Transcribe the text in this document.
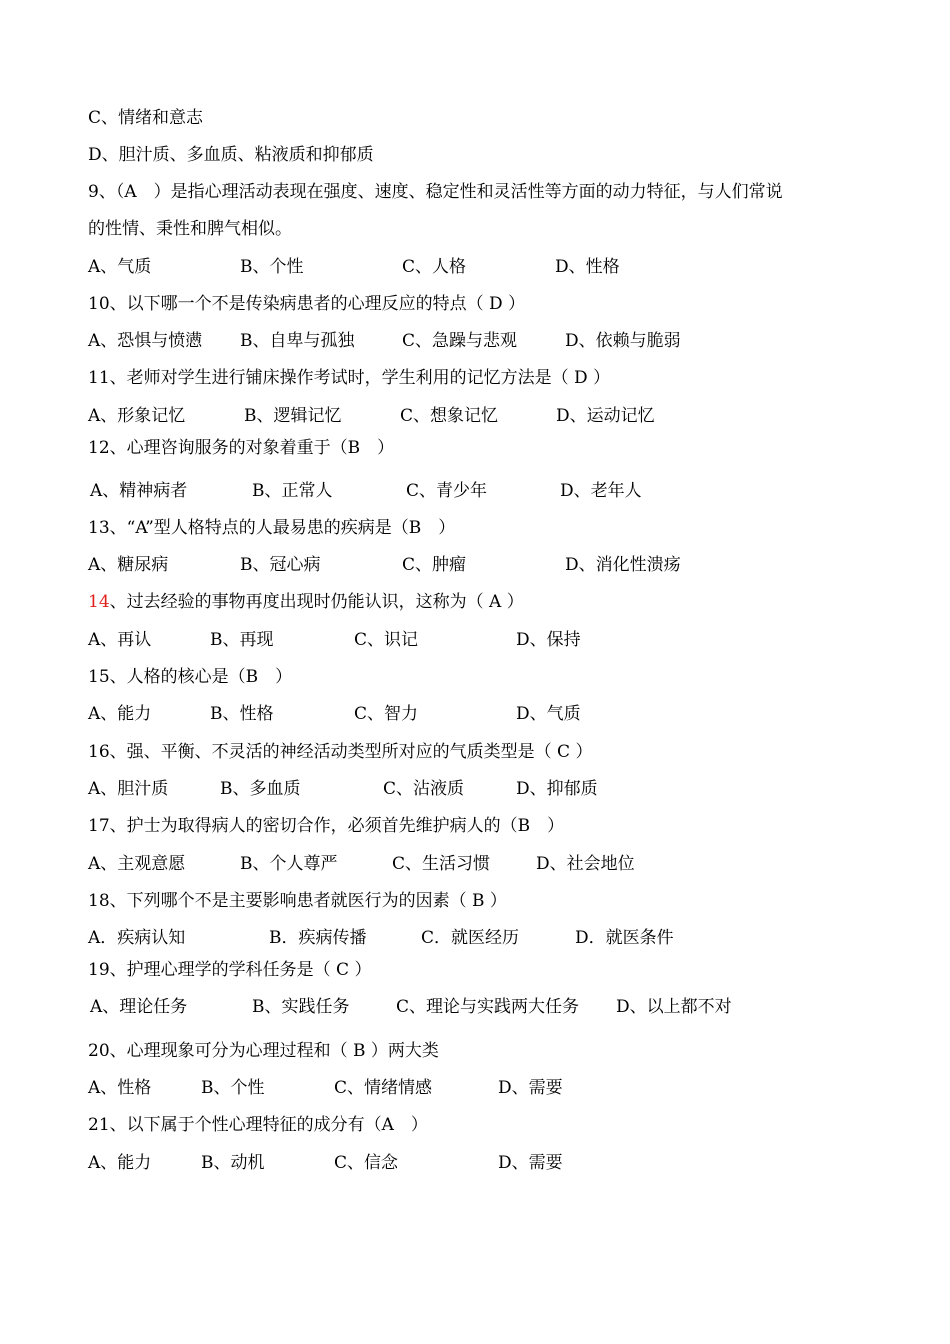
C、情绪和意志
D、胆汁质、多血质、粘液质和抑郁质
9、（A　）是指心理活动表现在强度、速度、稳定性和灵活性等方面的动力特征，与人们常说
的性情、秉性和脾气相似。
A、气质	B、个性	C、人格	D、性格
10、以下哪一个不是传染病患者的心理反应的特点（ D ）
A、恐惧与愤懑 B、自卑与孤独	C、急躁与悲观	D、依赖与脆弱
11、老师对学生进行铺床操作考试时，学生利用的记忆方法是（ D ）
A、形象记忆	B、逻辑记忆	C、想象记忆	D、运动记忆
12、心理咨询服务的对象着重于（B　）
A、精神病者	B、正常人	C、青少年	D、老年人
13、“A”型人格特点的人最易患的疾病是（B　）
A、糖尿病	B、冠心病	C、肿瘤	D、消化性溃疡
14、过去经验的事物再度出现时仍能认识，这称为（ A ）
A、再认	B、再现	C、识记	D、保持
15、人格的核心是（B　）
A、能力	B、性格	C、智力	D、气质
16、强、平衡、不灵活的神经活动类型所对应的气质类型是（ C ）
A、胆汁质	B、多血质	C、沾液质	D、抑郁质
17、护士为取得病人的密切合作，必须首先维护病人的（B　）
A、主观意愿	B、个人尊严	C、生活习惯	D、社会地位
18、下列哪个不是主要影响患者就医行为的因素（ B ）
A．疾病认知	B．疾病传播	C．就医经历	D．就医条件
19、护理心理学的学科任务是（ C ）
A、理论任务	B、实践任务	C、理论与实践两大任务 D、以上都不对
20、心理现象可分为心理过程和（ B ）两大类
A、性格	B、个性	C、情绪情感	D、需要
21、以下属于个性心理特征的成分有（A　）
A、能力	B、动机	C、信念	D、需要
